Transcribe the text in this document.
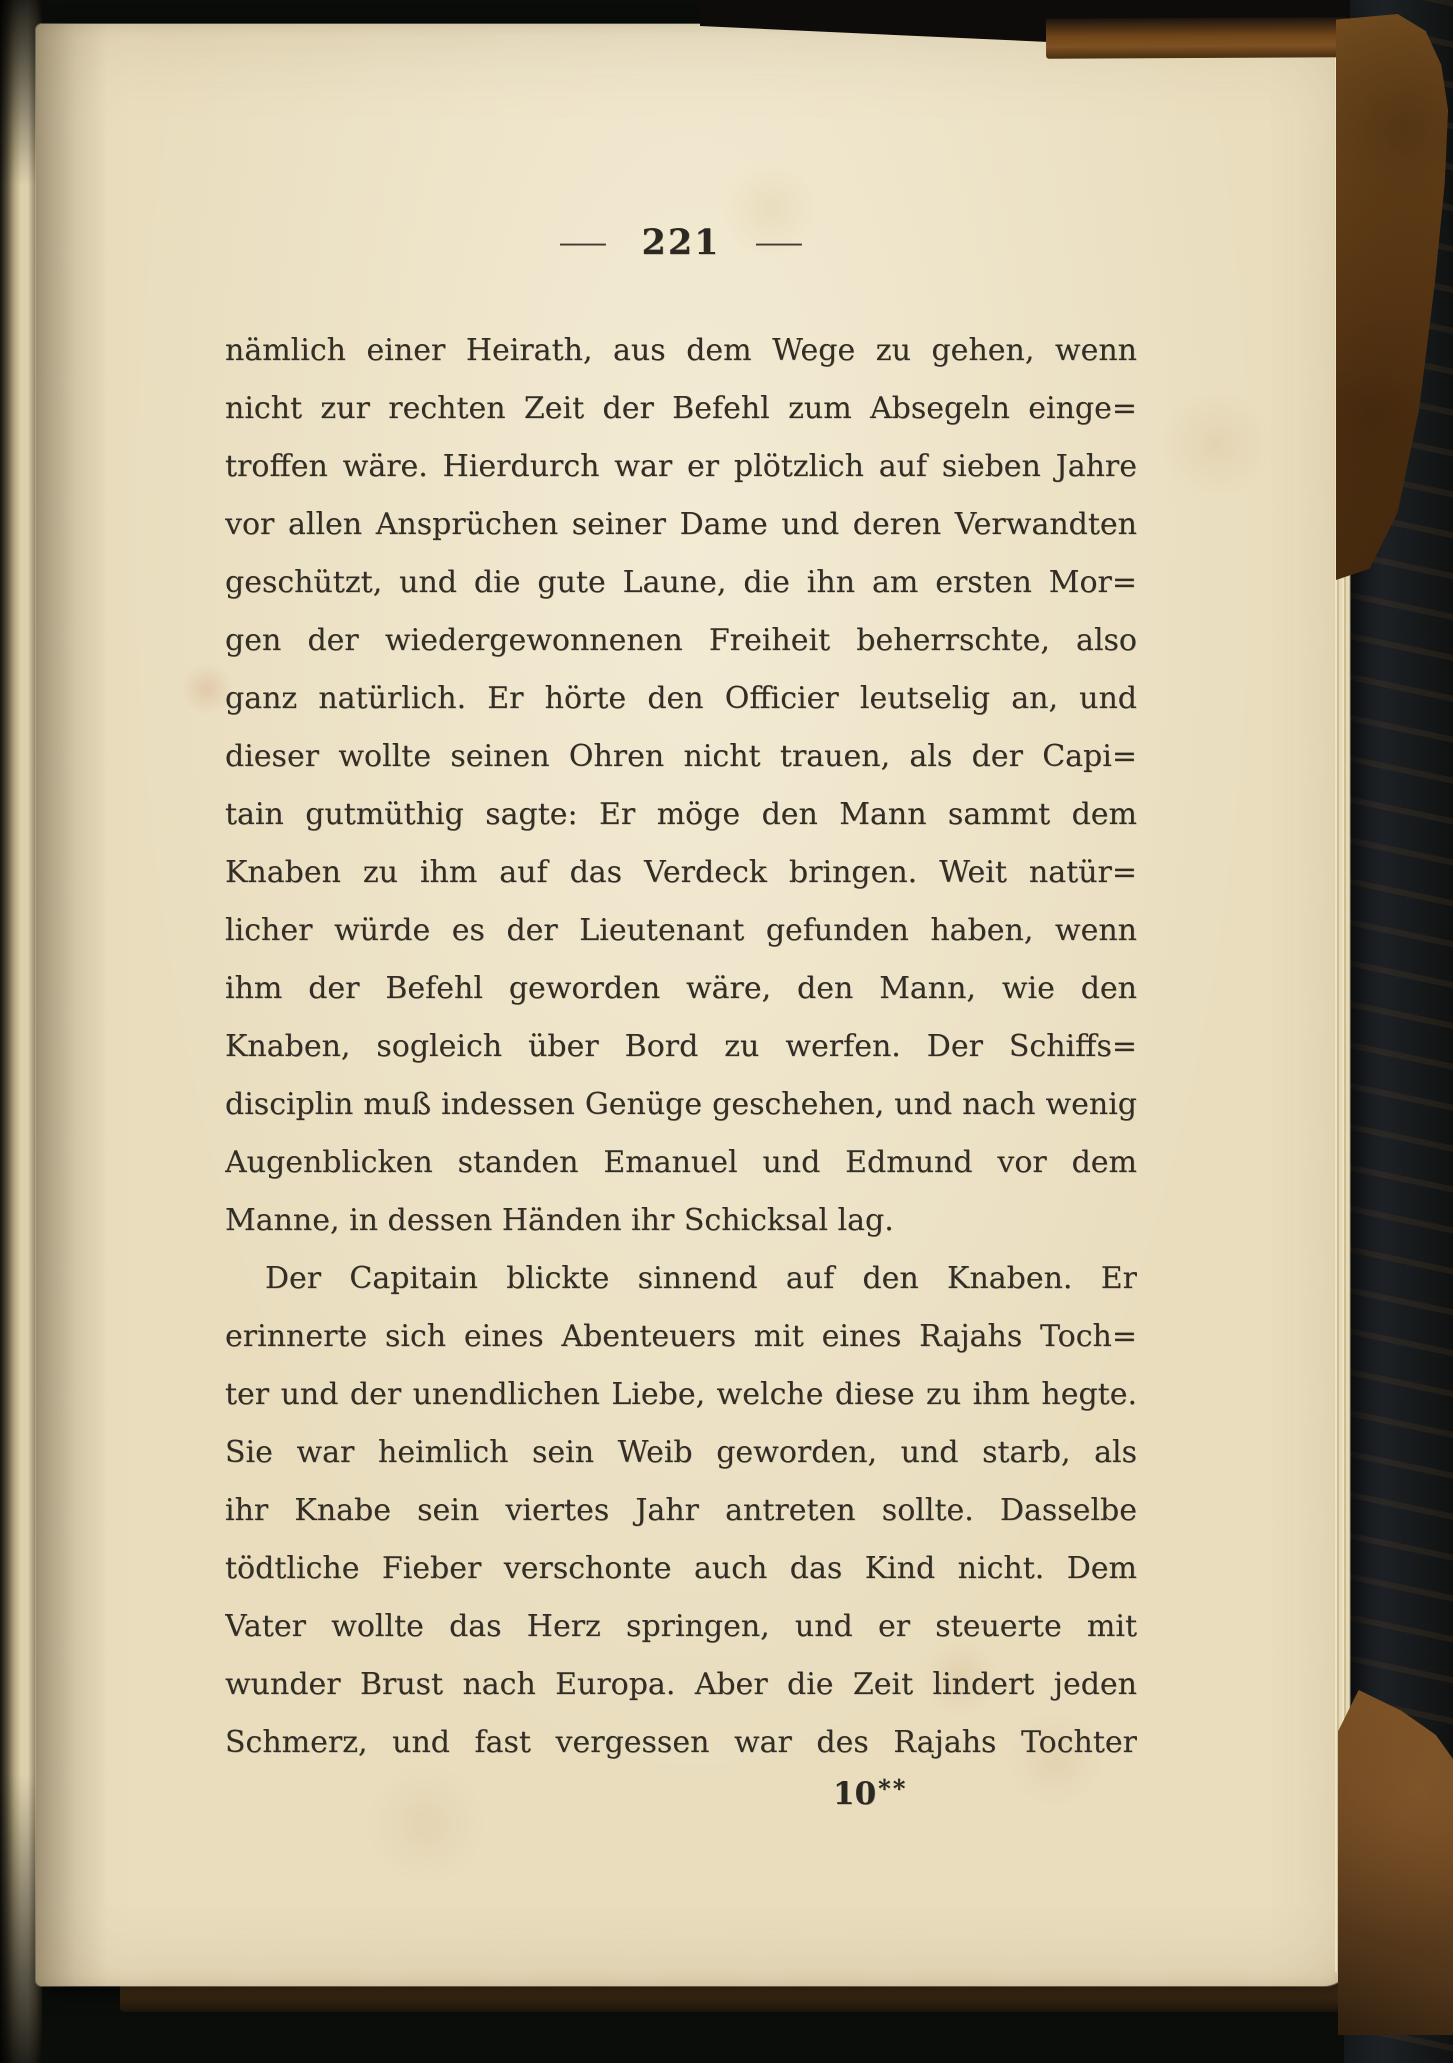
— 221 —
nämlich einer Heirath, aus dem Wege zu gehen, wenn
nicht zur rechten Zeit der Befehl zum Absegeln einge=
troffen wäre. Hierdurch war er plötzlich auf sieben Jahre
vor allen Ansprüchen seiner Dame und deren Verwandten
geschützt, und die gute Laune, die ihn am ersten Mor=
gen der wiedergewonnenen Freiheit beherrschte, also
ganz natürlich. Er hörte den Officier leutselig an, und
dieser wollte seinen Ohren nicht trauen, als der Capi=
tain gutmüthig sagte: Er möge den Mann sammt dem
Knaben zu ihm auf das Verdeck bringen. Weit natür=
licher würde es der Lieutenant gefunden haben, wenn
ihm der Befehl geworden wäre, den Mann, wie den
Knaben, sogleich über Bord zu werfen. Der Schiffs=
disciplin muß indessen Genüge geschehen, und nach wenig
Augenblicken standen Emanuel und Edmund vor dem
Manne, in dessen Händen ihr Schicksal lag.
Der Capitain blickte sinnend auf den Knaben. Er
erinnerte sich eines Abenteuers mit eines Rajahs Toch=
ter und der unendlichen Liebe, welche diese zu ihm hegte.
Sie war heimlich sein Weib geworden, und starb, als
ihr Knabe sein viertes Jahr antreten sollte. Dasselbe
tödtliche Fieber verschonte auch das Kind nicht. Dem
Vater wollte das Herz springen, und er steuerte mit
wunder Brust nach Europa. Aber die Zeit lindert jeden
Schmerz, und fast vergessen war des Rajahs Tochter
10**
